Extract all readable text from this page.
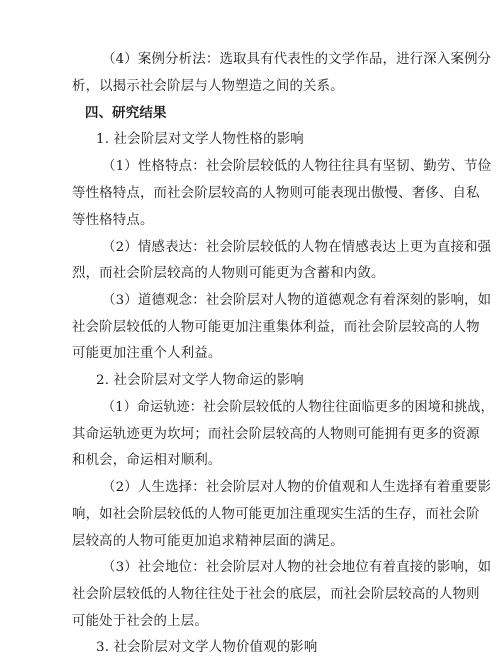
（4）案例分析法：选取具有代表性的文学作品，进行深入案例分
析，以揭示社会阶层与人物塑造之间的关系。
四、研究结果
1. 社会阶层对文学人物性格的影响
（1）性格特点：社会阶层较低的人物往往具有坚韧、勤劳、节俭
等性格特点，而社会阶层较高的人物则可能表现出傲慢、奢侈、自私
等性格特点。
（2）情感表达：社会阶层较低的人物在情感表达上更为直接和强
烈，而社会阶层较高的人物则可能更为含蓄和内敛。
（3）道德观念：社会阶层对人物的道德观念有着深刻的影响，如
社会阶层较低的人物可能更加注重集体利益，而社会阶层较高的人物
可能更加注重个人利益。
2. 社会阶层对文学人物命运的影响
（1）命运轨迹：社会阶层较低的人物往往面临更多的困境和挑战，
其命运轨迹更为坎坷；而社会阶层较高的人物则可能拥有更多的资源
和机会，命运相对顺利。
（2）人生选择：社会阶层对人物的价值观和人生选择有着重要影
响，如社会阶层较低的人物可能更加注重现实生活的生存，而社会阶
层较高的人物可能更加追求精神层面的满足。
（3）社会地位：社会阶层对人物的社会地位有着直接的影响，如
社会阶层较低的人物往往处于社会的底层，而社会阶层较高的人物则
可能处于社会的上层。
3. 社会阶层对文学人物价值观的影响
